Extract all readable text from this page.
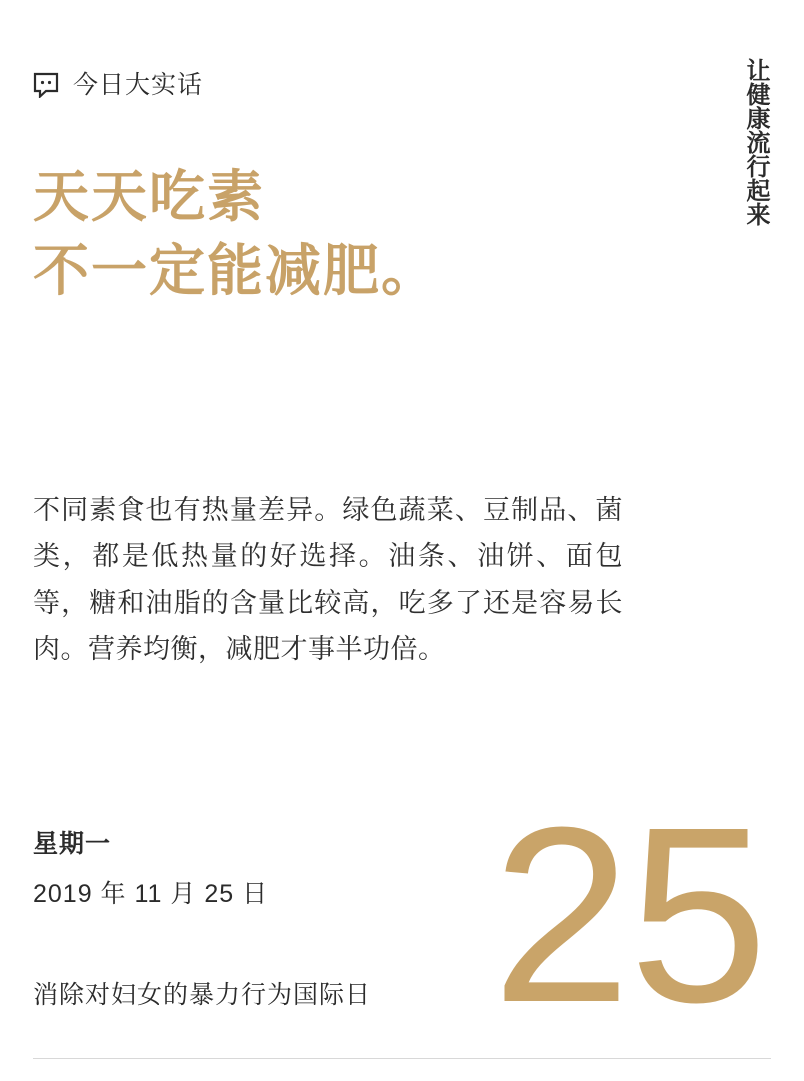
今日大实话	让健康流行起来
天天吃素
不一定能减肥。
不同素食也有热量差异。绿色蔬菜、豆制品、菌类，都是低热量的好选择。油条、油饼、面包等，糖和油脂的含量比较高，吃多了还是容易长肉。营养均衡，减肥才事半功倍。
星期一
2019 年 11 月 25 日
消除对妇女的暴力行为国际日 25
